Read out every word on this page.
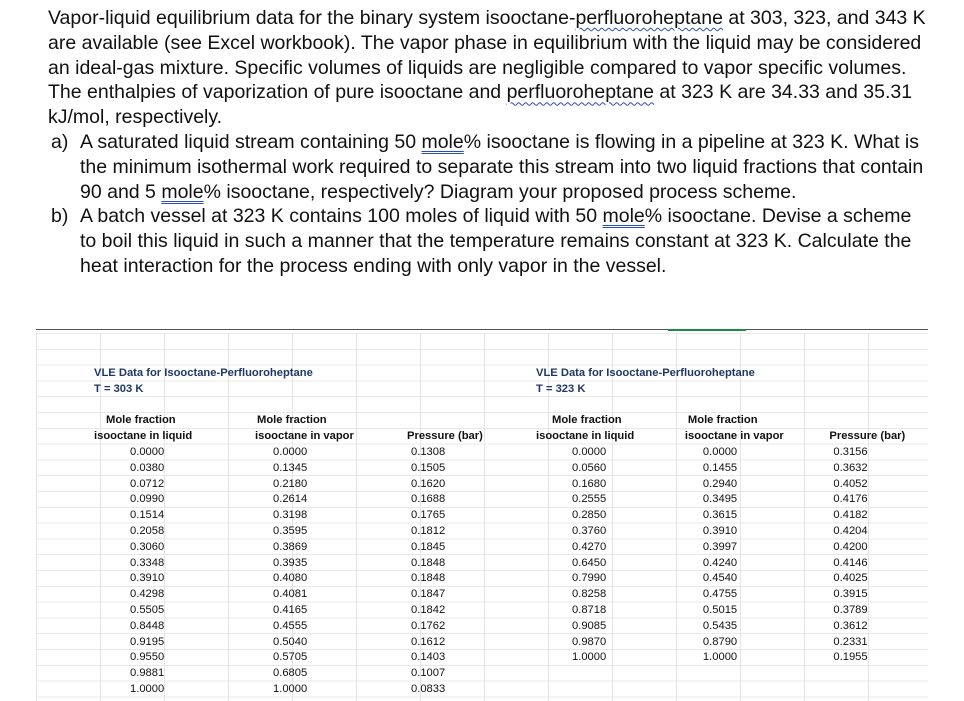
Vapor-liquid equilibrium data for the binary system isooctane-perfluoroheptane at 303, 323, and 343 K are available (see Excel workbook). The vapor phase in equilibrium with the liquid may be considered an ideal-gas mixture. Specific volumes of liquids are negligible compared to vapor specific volumes. The enthalpies of vaporization of pure isooctane and perfluoroheptane at 323 K are 34.33 and 35.31 kJ/mol, respectively.

a) A saturated liquid stream containing 50 mole% isooctane is flowing in a pipeline at 323 K. What is the minimum isothermal work required to separate this stream into two liquid fractions that contain 90 and 5 mole% isooctane, respectively? Diagram your proposed process scheme.
b) A batch vessel at 323 K contains 100 moles of liquid with 50 mole% isooctane. Devise a scheme to boil this liquid in such a manner that the temperature remains constant at 323 K. Calculate the heat interaction for the process ending with only vapor in the vessel.
VLE Data for Isooctane-Perfluoroheptane
T = 303 K
Mole fraction	Mole fraction	
isooctane in liquid	isooctane in vapor	Pressure (bar)
0.0000	0.0000	0.1308
0.0380	0.1345	0.1505
0.0712	0.2180	0.1620
0.0990	0.2614	0.1688
0.1514	0.3198	0.1765
0.2058	0.3595	0.1812
0.3060	0.3869	0.1845
0.3348	0.3935	0.1848
0.3910	0.4080	0.1848
0.4298	0.4081	0.1847
0.5505	0.4165	0.1842
0.8448	0.4555	0.1762
0.9195	0.5040	0.1612
0.9550	0.5705	0.1403
0.9881	0.6805	0.1007
1.0000	1.0000	0.0833
VLE Data for Isooctane-Perfluoroheptane
T = 323 K
Mole fraction	Mole fraction	
isooctane in liquid	isooctane in vapor	Pressure (bar)
0.0000	0.0000	0.3156
0.0560	0.1455	0.3632
0.1680	0.2940	0.4052
0.2555	0.3495	0.4176
0.2850	0.3615	0.4182
0.3760	0.3910	0.4204
0.4270	0.3997	0.4200
0.6450	0.4240	0.4146
0.7990	0.4540	0.4025
0.8258	0.4755	0.3915
0.8718	0.5015	0.3789
0.9085	0.5435	0.3612
0.9870	0.8790	0.2331
1.0000	1.0000	0.1955
